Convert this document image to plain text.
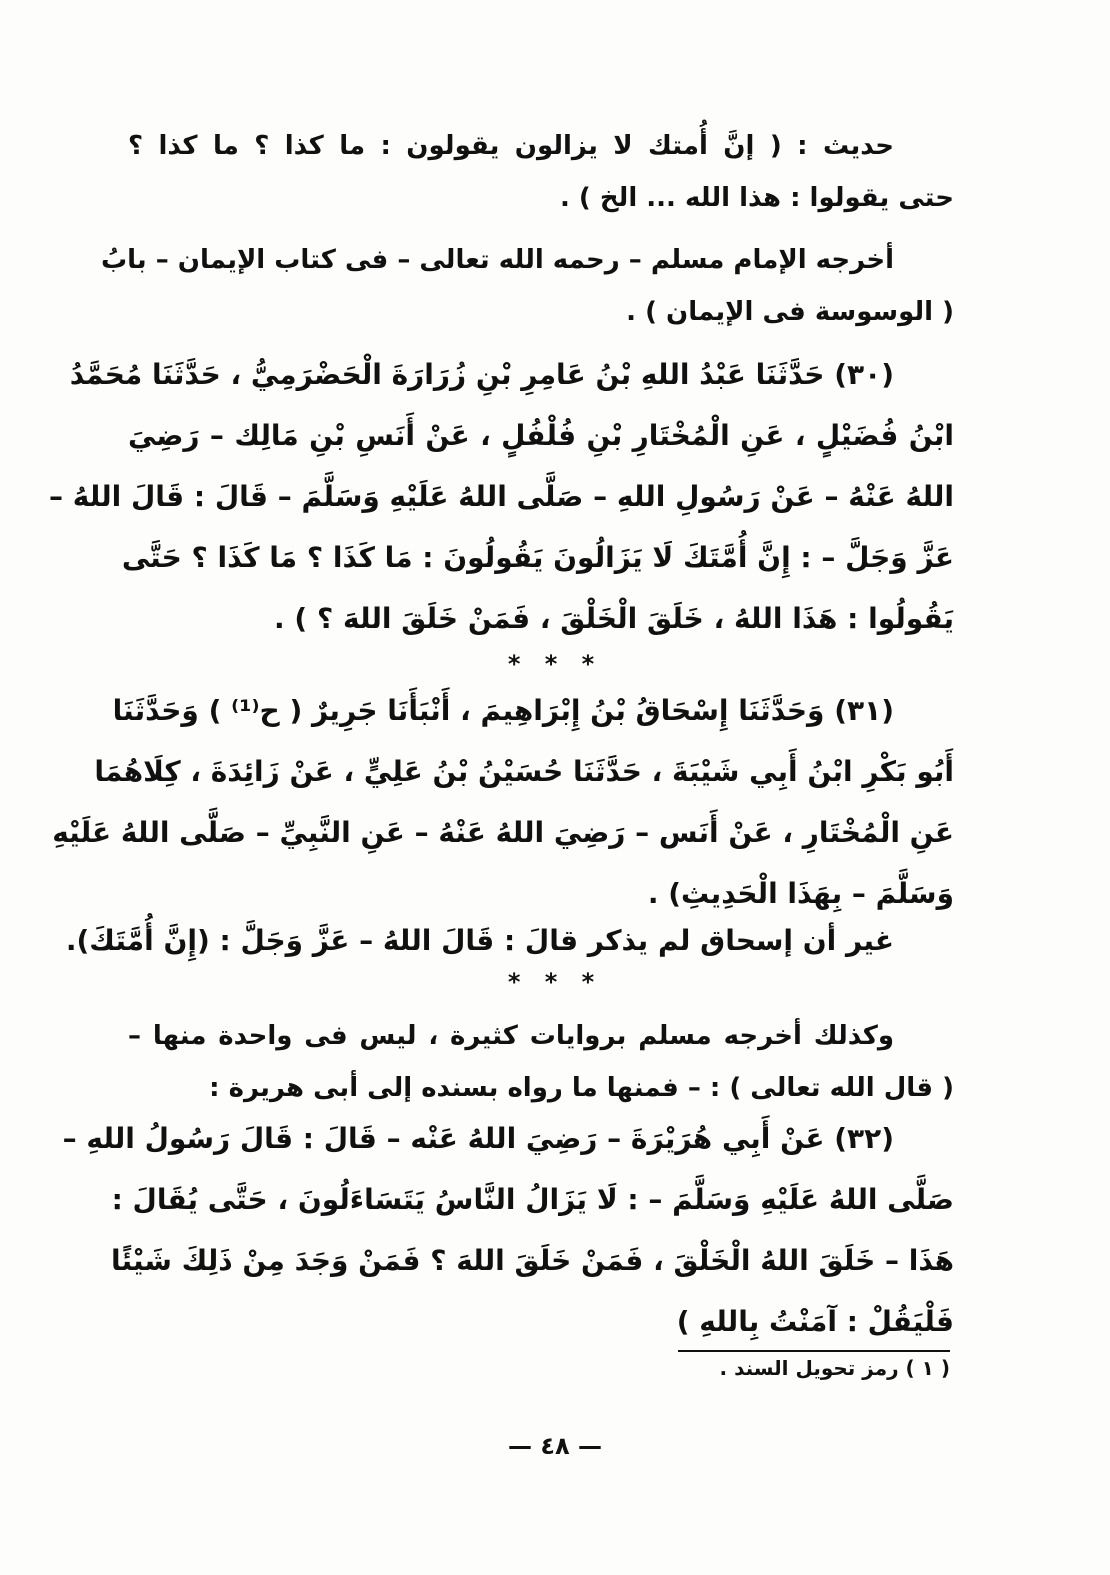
حديث : ( إنَّ أُمتك لا يزالون يقولون : ما كذا ؟ ما كذا ؟
حتى يقولوا : هذا الله ... الخ ) .
أخرجه الإمام مسلم – رحمه الله تعالى – فى كتاب الإيمان – بابُ
( الوسوسة فى الإيمان ) .
(٣٠) حَدَّثَنَا عَبْدُ اللهِ بْنُ عَامِرِ بْنِ زُرَارَةَ الْحَضْرَمِيُّ ، حَدَّثَنَا مُحَمَّدُ
ابْنُ فُضَيْلٍ ، عَنِ الْمُخْتَارِ بْنِ فُلْفُلٍ ، عَنْ أَنَسِ بْنِ مَالِك – رَضِيَ
اللهُ عَنْهُ – عَنْ رَسُولِ اللهِ – صَلَّى اللهُ عَلَيْهِ وَسَلَّمَ – قَالَ : قَالَ اللهُ –
عَزَّ وَجَلَّ – : إِنَّ أُمَّتَكَ لَا يَزَالُونَ يَقُولُونَ : مَا كَذَا ؟ مَا كَذَا ؟ حَتَّى
يَقُولُوا : هَذَا اللهُ ، خَلَقَ الْخَلْقَ ، فَمَنْ خَلَقَ اللهَ ؟ ) .
* * *
(٣١) وَحَدَّثَنَا إِسْحَاقُ بْنُ إِبْرَاهِيمَ ، أَنْبَأَنَا جَرِيرٌ ( ح⁽¹⁾ ) وَحَدَّثَنَا
أَبُو بَكْرِ ابْنُ أَبِي شَيْبَةَ ، حَدَّثَنَا حُسَيْنُ بْنُ عَلِيٍّ ، عَنْ زَائِدَةَ ، كِلَاهُمَا
عَنِ الْمُخْتَارِ ، عَنْ أَنَس – رَضِيَ اللهُ عَنْهُ – عَنِ النَّبِيِّ – صَلَّى اللهُ عَلَيْهِ
وَسَلَّمَ – بِهَذَا الْحَدِيثِ) .
غير أن إسحاق لم يذكر قالَ : قَالَ اللهُ – عَزَّ وَجَلَّ : (إِنَّ أُمَّتَكَ).
* * *
وكذلك أخرجه مسلم بروايات كثيرة ، ليس فى واحدة منها –
( قال الله تعالى ) : – فمنها ما رواه بسنده إلى أبى هريرة :
(٣٢) عَنْ أَبِي هُرَيْرَةَ – رَضِيَ اللهُ عَنْه – قَالَ : قَالَ رَسُولُ اللهِ –
صَلَّى اللهُ عَلَيْهِ وَسَلَّمَ – : لَا يَزَالُ النَّاسُ يَتَسَاءَلُونَ ، حَتَّى يُقَالَ :
هَذَا – خَلَقَ اللهُ الْخَلْقَ ، فَمَنْ خَلَقَ اللهَ ؟ فَمَنْ وَجَدَ مِنْ ذَلِكَ شَيْئًا
فَلْيَقُلْ : آمَنْتُ بِاللهِ )
( ١ ) رمز تحويل السند .
— ٤٨ —
